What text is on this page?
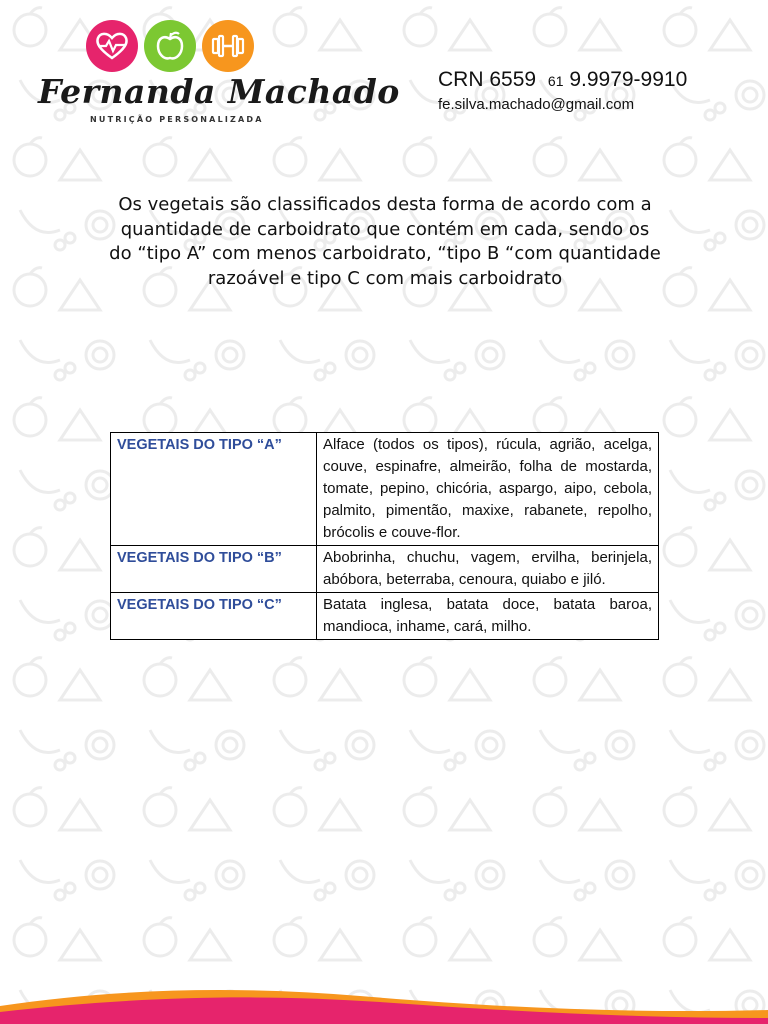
Fernanda Machado
NUTRIÇÃO PERSONALIZADA
CRN 6559 61 9.9979-9910
fe.silva.machado@gmail.com
Os vegetais são classificados desta forma de acordo com a quantidade de carboidrato que contém em cada, sendo os do “tipo A” com menos carboidrato, “tipo B “com quantidade razoável e tipo C com mais carboidrato
VEGETAIS DO TIPO “A”	Alface (todos os tipos), rúcula, agrião, acelga, couve, espinafre, almeirão, folha de mostarda, tomate, pepino, chicória, aspargo, aipo, cebola, palmito, pimentão, maxixe, rabanete, repolho, brócolis e couve-flor.
VEGETAIS DO TIPO “B”	Abobrinha, chuchu, vagem, ervilha, berinjela, abóbora, beterraba, cenoura, quiabo e jiló.
VEGETAIS DO TIPO “C”	Batata inglesa, batata doce, batata baroa, mandioca, inhame, cará, milho.
